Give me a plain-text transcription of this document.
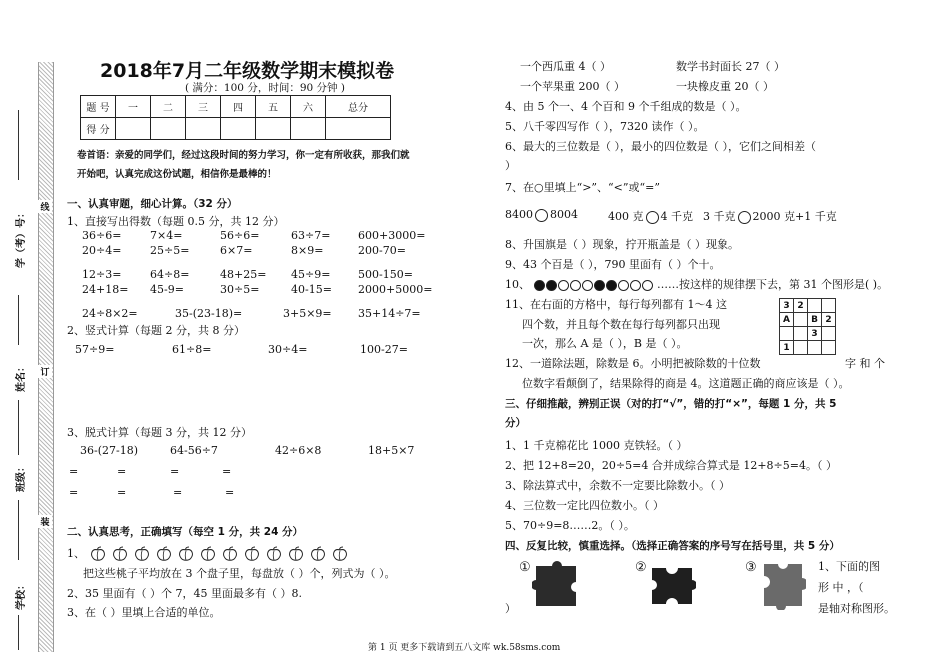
线
订
装
学（考）号：
姓名：
班级：
学校：
2018年7月二年级数学期末模拟卷
( 满分：100 分，时间：90 分钟 )
题 号	一	二	三	四	五	六	总分
得 分							
卷首语：亲爱的同学们，经过这段时间的努力学习，你一定有所收获，那我们就
开始吧，认真完成这份试题，相信你是最棒的！
一、认真审题，细心计算。（32 分）
1、直接写出得数（每题 0.5 分，共 12 分）
36÷6=	7×4=	56÷6=	63÷7=	600+3000=
20÷4=	25÷5=	6×7=	8×9=	200-70=
12÷3=	64÷8=	48+25= 45÷9=	500-150=
24+18= 45-9=	30÷5=	40-15= 2000+5000=
24÷8×2=	35-(23-18)=	3+5×9= 35+14÷7=
2、竖式计算（每题 2 分，共 8 分）
57÷9=	61÷8=	30÷4=	100-27=
3、脱式计算（每题 3 分，共 12 分）
36-(27-18)	64-56÷7	42÷6×8	18+5×7
=	=	=	=
=	=	=	=
二、认真思考，正确填写（每空 1 分，共 24 分）
1、
把这些桃子平均放在 3 个盘子里，每盘放（ ）个，列式为（ ）。
2、35 里面有（ ）个 7，45 里面最多有（ ）8.
3、在（ ）里填上合适的单位。
一个西瓜重 4（ ）	数学书封面长 27（ ）
一个苹果重 200（ ）	一块橡皮重 20（ ）
4、由 5 个一、4 个百和 9 个千组成的数是（ ）。
5、八千零四写作（ ），7320 读作（ ）。
6、最大的三位数是（ ），最小的四位数是（ ），它们之间相差（
）
7、在○里填上“>”、“<”或“=”
8400 8004	400 克 4 千克 3 千克 2000 克+1 千克
8、升国旗是（ ）现象，拧开瓶盖是（ ）现象。
9、43 个百是（ ），790 里面有（ ）个十。
10、	……按这样的规律摆下去，第 31 个图形是( )。
11、在右面的方格中，每行每列都有 1～4 这
四个数，并且每个数在每行每列都只出现
一次，那么 A 是（ ），B 是（ ）。
3	2		
A		B	2
		3	
1			
12、一道除法题，除数是 6。小明把被除数的十位数	字 和 个
位数字看颠倒了，结果除得的商是 4。这道题正确的商应该是（ ）。
三、仔细推敲，辨别正误（对的打“√”，错的打“×”，每题 1 分，共 5
分）
1、1 千克棉花比 1000 克铁轻。（ ）
2、把 12+8=20，20÷5=4 合并成综合算式是 12+8÷5=4。（ ）
3、除法算式中，余数不一定要比除数小。（ ）
4、三位数一定比四位数小。（ ）
5、70÷9=8……2。（ ）。
四、反复比较，慎重选择。（选择正确答案的序号写在括号里，共 5 分）
①	②	③	1、下面的图
形 中 ，（
）	是轴对称图形。
第 1 页 更多下载请到五八文库 wk.58sms.com
